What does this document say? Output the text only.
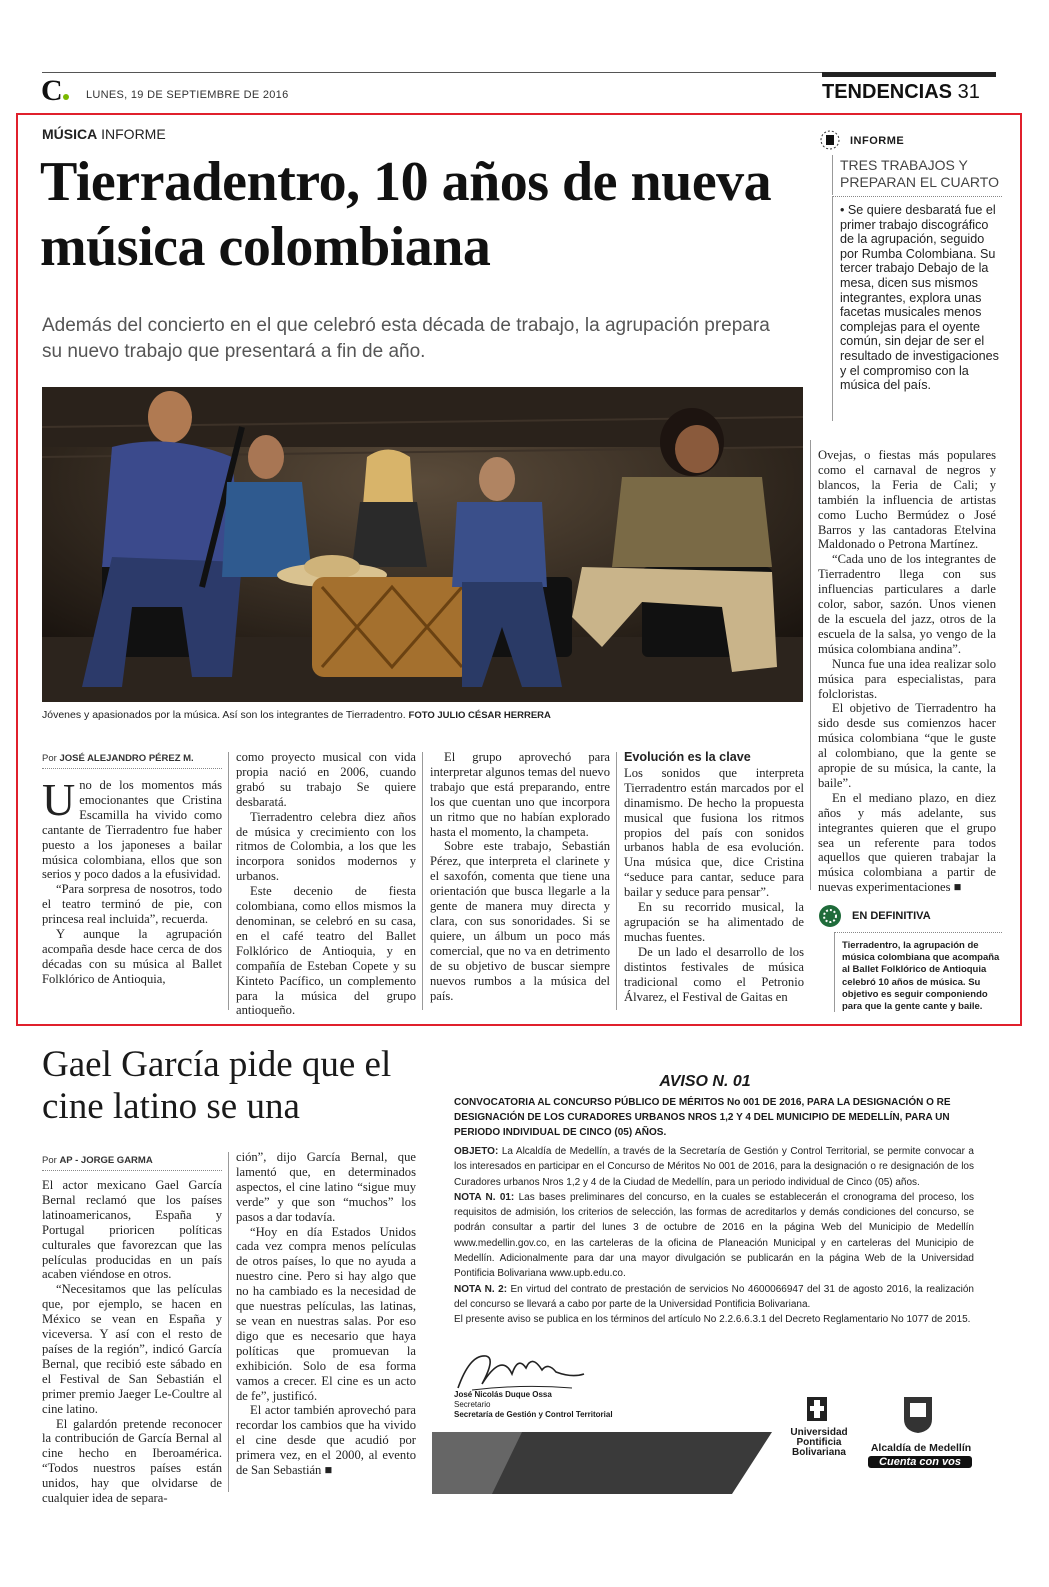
C LUNES, 19 DE SEPTIEMBRE DE 2016	TENDENCIAS 31
MÚSICA INFORME
Tierradentro, 10 años de nueva música colombiana
Además del concierto en el que celebró esta década de trabajo, la agrupación prepara su nuevo trabajo que presentará a fin de año.
Jóvenes y apasionados por la música. Así son los integrantes de Tierradentro. FOTO JULIO CÉSAR HERRERA
Por JOSÉ ALEJANDRO PÉREZ M.
U no de los momentos más emocionantes que Cristina Escamilla ha vivido como cantante de Tierradentro fue haber puesto a los japoneses a bailar música colombiana, ellos que son serios y poco dados a la efusividad.

“Para sorpresa de nosotros, todo el teatro terminó de pie, con princesa real incluida”, recuerda.

Y aunque la agrupación acompaña desde hace cerca de dos décadas con su música al Ballet Folklórico de Antioquia,

como proyecto musical con vida propia nació en 2006, cuando grabó su trabajo Se quiere desbaratá.

Tierradentro celebra diez años de música y crecimiento con los ritmos de Colombia, a los que les incorpora sonidos modernos y urbanos.

Este decenio de fiesta colombiana, como ellos mismos la denominan, se celebró en su casa, en el café teatro del Ballet Folklórico de Antioquia, y en compañía de Esteban Copete y su Kinteto Pacífico, un complemento para la música del grupo antioqueño.

El grupo aprovechó para interpretar algunos temas del nuevo trabajo que está preparando, entre los que cuentan uno que incorpora un ritmo que no habían explorado hasta el momento, la champeta.

Sobre este trabajo, Sebastián Pérez, que interpreta el clarinete y el saxofón, comenta que tiene una orientación que busca llegarle a la gente de manera muy directa y clara, con sus sonoridades. Si se quiere, un álbum un poco más comercial, que no va en detrimento de su objetivo de buscar siempre nuevos rumbos a la música del país.

Evolución es la clave

Los sonidos que interpreta Tierradentro están marcados por el dinamismo. De hecho la propuesta musical que fusiona los ritmos propios del país con sonidos urbanos habla de esa evolución. Una música que, dice Cristina “seduce para cantar, seduce para bailar y seduce para pensar”.

En su recorrido musical, la agrupación se ha alimentado de muchas fuentes.

De un lado el desarrollo de los distintos festivales de música tradicional como el Petronio Álvarez, el Festival de Gaitas en

Ovejas, o fiestas más populares como el carnaval de negros y blancos, la Feria de Cali; y también la influencia de artistas como Lucho Bermúdez o José Barros y las cantadoras Etelvina Maldonado o Petrona Martínez.

“Cada uno de los integrantes de Tierradentro llega con sus influencias particulares a darle color, sabor, sazón. Unos vienen de la escuela del jazz, otros de la escuela de la salsa, yo vengo de la música colombiana andina”.

Nunca fue una idea realizar solo música para especialistas, para folcloristas.

El objetivo de Tierradentro ha sido desde sus comienzos hacer música colombiana “que le guste al colombiano, que la gente se apropie de su música, la cante, la baile”.

En el mediano plazo, en diez años y más adelante, sus integrantes quieren que el grupo sea un referente para todos aquellos que quieren trabajar la música colombiana a partir de nuevas experimentaciones ■

INFORME
TRES TRABAJOS Y PREPARAN EL CUARTO
• Se quiere desbaratá fue el primer trabajo discográfico de la agrupación, seguido por Rumba Colombiana. Su tercer trabajo Debajo de la mesa, dicen sus mismos integrantes, explora unas facetas musicales menos complejas para el oyente común, sin dejar de ser el resultado de investigaciones y el compromiso con la música del país.
EN DEFINITIVA
Tierradentro, la agrupación de música colombiana que acompaña al Ballet Folklórico de Antioquia celebró 10 años de música. Su objetivo es seguir componiendo para que la gente cante y baile.
Gael García pide que el cine latino se una
Por AP - JORGE GARMA

El actor mexicano Gael García Bernal reclamó que los países latinoamericanos, España y Portugal prioricen políticas culturales que favorezcan que las películas producidas en un país acaben viéndose en otros.

“Necesitamos que las películas que, por ejemplo, se hacen en México se vean en España y viceversa. Y así con el resto de países de la región”, indicó García Bernal, que recibió este sábado en el Festival de San Sebastián el primer premio Jaeger Le-Coultre al cine latino.

El galardón pretende reconocer la contribución de García Bernal al cine hecho en Iberoamérica. “Todos nuestros países están unidos, hay que olvidarse de cualquier idea de separa-

ción”, dijo García Bernal, que lamentó que, en determinados aspectos, el cine latino “sigue muy verde” y que son “muchos” los pasos a dar todavía.

“Hoy en día Estados Unidos cada vez compra menos películas de otros países, lo que no ayuda a nuestro cine. Pero si hay algo que no ha cambiado es la necesidad de que nuestras películas, las latinas, se vean en nuestras salas. Por eso digo que es necesario que haya políticas que promuevan la exhibición. Solo de esa forma vamos a crecer. El cine es un acto de fe”, justificó.

El actor también aprovechó para recordar los cambios que ha vivido el cine desde que acudió por primera vez, en el 2000, al evento de San Sebastián ■

AVISO N. 01
CONVOCATORIA AL CONCURSO PÚBLICO DE MÉRITOS No 001 DE 2016, PARA LA DESIGNACIÓN O RE DESIGNACIÓN DE LOS CURADORES URBANOS NROS 1,2 Y 4 DEL MUNICIPIO DE MEDELLÍN, PARA UN PERIODO INDIVIDUAL DE CINCO (05) AÑOS.

OBJETO: La Alcaldía de Medellín, a través de la Secretaría de Gestión y Control Territorial, se permite convocar a los interesados en participar en el Concurso de Méritos No 001 de 2016, para la designación o re designación de los Curadores urbanos Nros 1,2 y 4 de la Ciudad de Medellín, para un periodo individual de Cinco (05) años.

NOTA N. 01: Las bases preliminares del concurso, en la cuales se establecerán el cronograma del proceso, los requisitos de admisión, los criterios de selección, las formas de acreditarlos y demás condiciones del concurso, se podrán consultar a partir del lunes 3 de octubre de 2016 en la página Web del Municipio de Medellín www.medellin.gov.co, en las carteleras de la oficina de Planeación Municipal y en carteleras del Municipio de Medellín. Adicionalmente para dar una mayor divulgación se publicarán en la página Web de la Universidad Pontificia Bolivariana www.upb.edu.co.

NOTA N. 2: En virtud del contrato de prestación de servicios No 4600066947 del 31 de agosto 2016, la realización del concurso se llevará a cabo por parte de la Universidad Pontificia Bolivariana.

El presente aviso se publica en los términos del artículo No 2.2.6.6.3.1 del Decreto Reglamentario No 1077 de 2015.

José Nicolás Duque Ossa
Secretario
Secretaría de Gestión y Control Territorial
Universidad Pontificia Bolivariana	Alcaldía de Medellín
Cuenta con vos
